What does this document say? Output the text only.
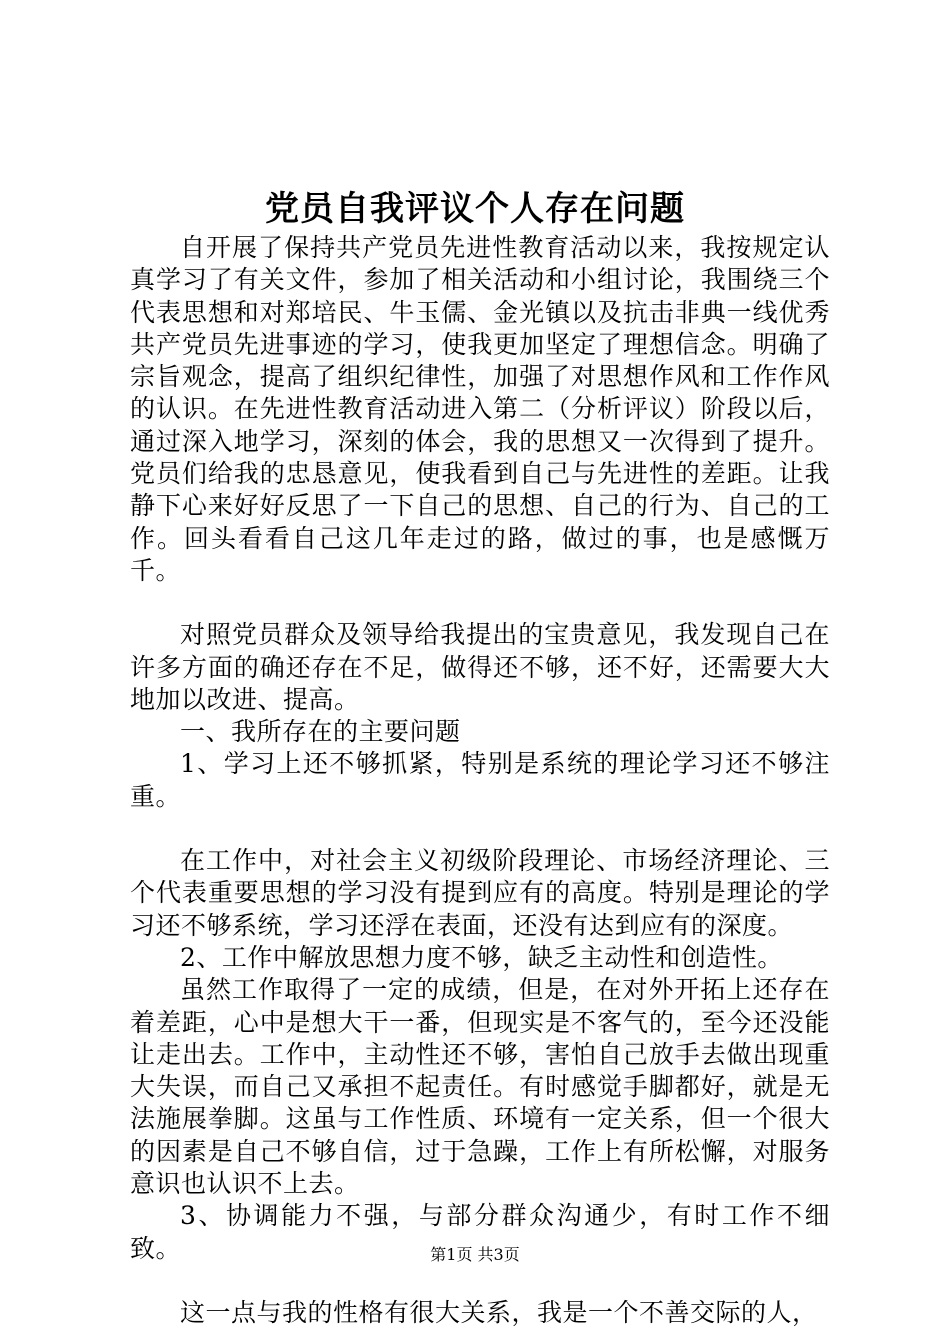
党员自我评议个人存在问题

自开展了保持共产党员先进性教育活动以来，我按规定认真学习了有关文件，参加了相关活动和小组讨论，我围绕三个代表思想和对郑培民、牛玉儒、金光镇以及抗击非典一线优秀共产党员先进事迹的学习，使我更加坚定了理想信念。明确了宗旨观念，提高了组织纪律性，加强了对思想作风和工作作风的认识。在先进性教育活动进入第二（分析评议）阶段以后，通过深入地学习，深刻的体会，我的思想又一次得到了提升。党员们给我的忠恳意见，使我看到自己与先进性的差距。让我静下心来好好反思了一下自己的思想、自己的行为、自己的工作。回头看看自己这几年走过的路，做过的事，也是感慨万千。

对照党员群众及领导给我提出的宝贵意见，我发现自己在许多方面的确还存在不足，做得还不够，还不好，还需要大大地加以改进、提高。

一、我所存在的主要问题

1、学习上还不够抓紧，特别是系统的理论学习还不够注重。

在工作中，对社会主义初级阶段理论、市场经济理论、三个代表重要思想的学习没有提到应有的高度。特别是理论的学习还不够系统，学习还浮在表面，还没有达到应有的深度。

2、工作中解放思想力度不够，缺乏主动性和创造性。

虽然工作取得了一定的成绩，但是，在对外开拓上还存在着差距，心中是想大干一番，但现实是不客气的，至今还没能让走出去。工作中，主动性还不够，害怕自己放手去做出现重大失误，而自己又承担不起责任。有时感觉手脚都好，就是无法施展拳脚。这虽与工作性质、环境有一定关系，但一个很大的因素是自己不够自信，过于急躁，工作上有所松懈，对服务意识也认识不上去。

3、协调能力不强，与部分群众沟通少，有时工作不细致。

这一点与我的性格有很大关系，我是一个不善交际的人，

第1页 共3页
